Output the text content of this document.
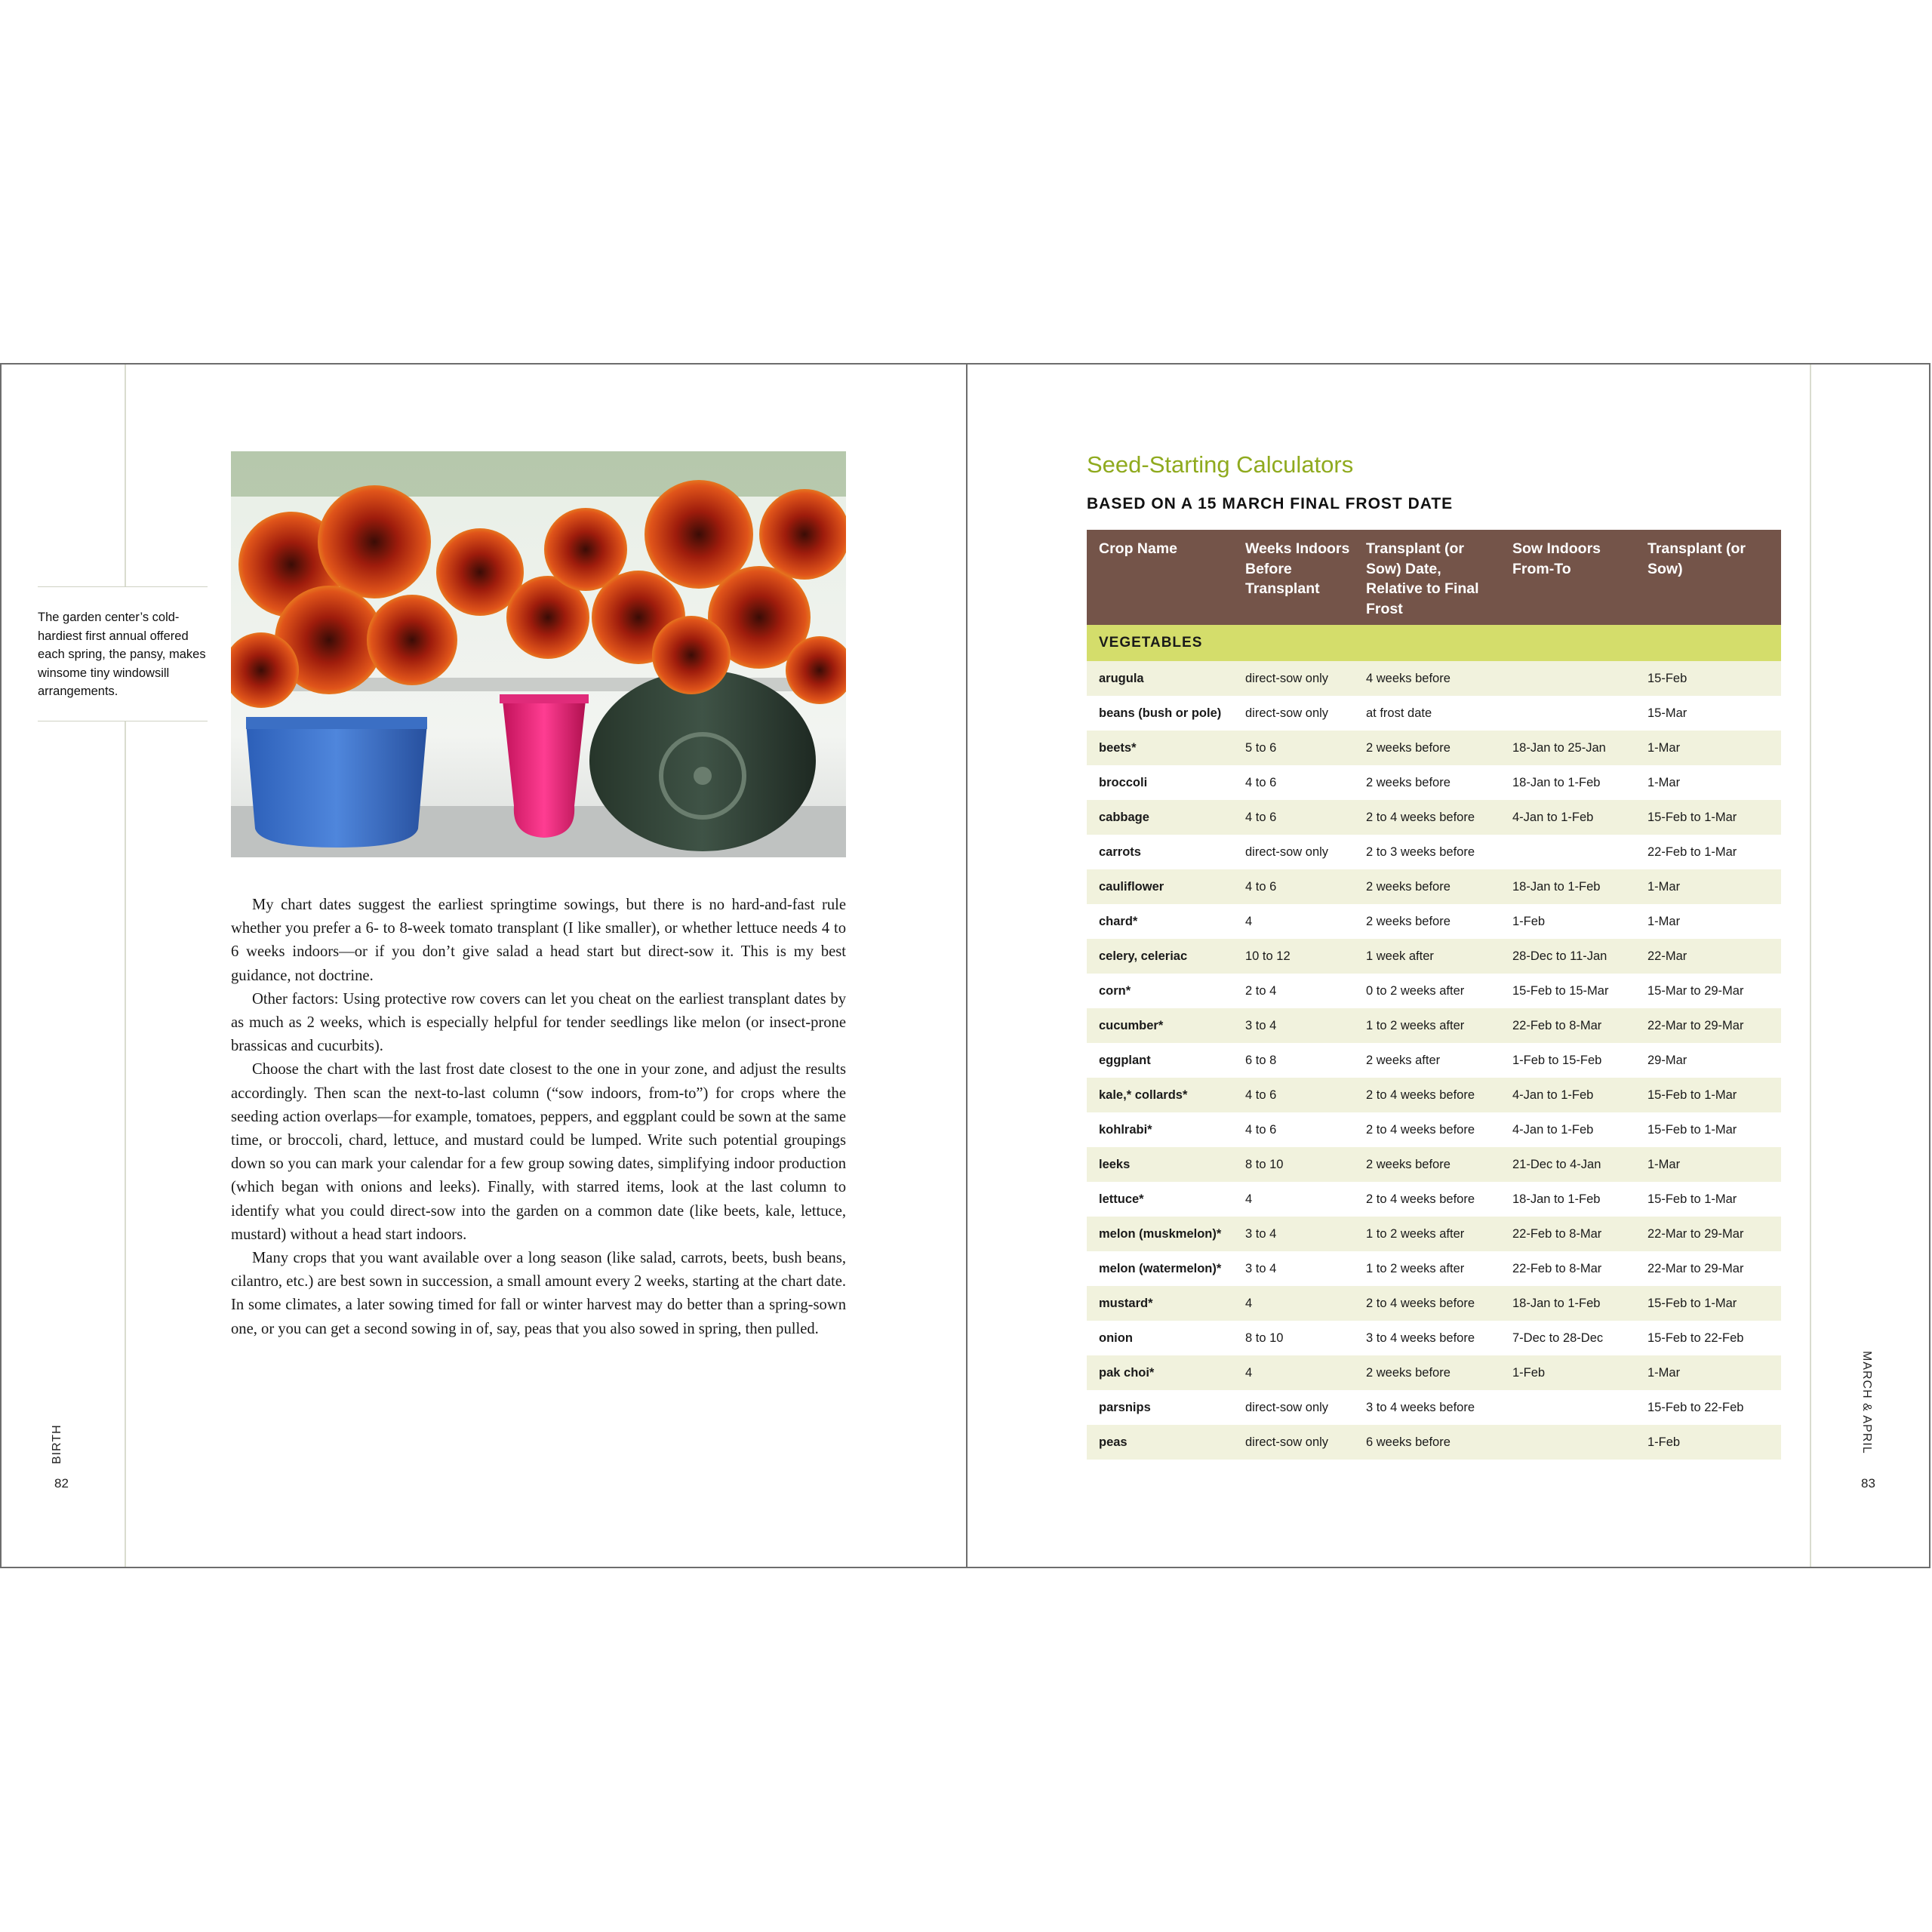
The garden center’s cold-hardiest first annual offered each spring, the pansy, makes winsome tiny windowsill arrangements.

My chart dates suggest the earliest springtime sowings, but there is no hard-and-fast rule whether you prefer a 6- to 8-week tomato transplant (I like smaller), or whether lettuce needs 4 to 6 weeks indoors—or if you don’t give salad a head start but direct-sow it. This is my best guidance, not doctrine.

Other factors: Using protective row covers can let you cheat on the earliest transplant dates by as much as 2 weeks, which is especially helpful for tender seedlings like melon (or insect-prone brassicas and cucurbits).

Choose the chart with the last frost date closest to the one in your zone, and adjust the results accordingly. Then scan the next-to-last column (“sow indoors, from-to”) for crops where the seeding action overlaps—for example, tomatoes, peppers, and eggplant could be sown at the same time, or broccoli, chard, lettuce, and mustard could be lumped. Write such potential groupings down so you can mark your calendar for a few group sowing dates, simplifying indoor production (which began with onions and leeks). Finally, with starred items, look at the last column to identify what you could direct-sow into the garden on a common date (like beets, kale, lettuce, mustard) without a head start indoors.

Many crops that you want available over a long season (like salad, carrots, beets, bush beans, cilantro, etc.) are best sown in succession, a small amount every 2 weeks, starting at the chart date. In some climates, a later sowing timed for fall or winter harvest may do better than a spring-sown one, or you can get a second sowing in of, say, peas that you also sowed in spring, then pulled.

BIRTH
82
Seed-Starting Calculators
BASED ON A 15 MARCH FINAL FROST DATE
Crop Name	Weeks Indoors Before Transplant	Transplant (or Sow) Date, Relative to Final Frost	Sow Indoors From-To	Transplant (or Sow)
VEGETABLES				
arugula	direct-sow only	4 weeks before		15-Feb
beans (bush or pole)	direct-sow only	at frost date		15-Mar
beets*	5 to 6	2 weeks before	18-Jan to 25-Jan	1-Mar
broccoli	4 to 6	2 weeks before	18-Jan to 1-Feb	1-Mar
cabbage	4 to 6	2 to 4 weeks before	4-Jan to 1-Feb	15-Feb to 1-Mar
carrots	direct-sow only	2 to 3 weeks before		22-Feb to 1-Mar
cauliflower	4 to 6	2 weeks before	18-Jan to 1-Feb	1-Mar
chard*	4	2 weeks before	1-Feb	1-Mar
celery, celeriac	10 to 12	1 week after	28-Dec to 11-Jan	22-Mar
corn*	2 to 4	0 to 2 weeks after	15-Feb to 15-Mar	15-Mar to 29-Mar
cucumber*	3 to 4	1 to 2 weeks after	22-Feb to 8-Mar	22-Mar to 29-Mar
eggplant	6 to 8	2 weeks after	1-Feb to 15-Feb	29-Mar
kale,* collards*	4 to 6	2 to 4 weeks before	4-Jan to 1-Feb	15-Feb to 1-Mar
kohlrabi*	4 to 6	2 to 4 weeks before	4-Jan to 1-Feb	15-Feb to 1-Mar
leeks	8 to 10	2 weeks before	21-Dec to 4-Jan	1-Mar
lettuce*	4	2 to 4 weeks before	18-Jan to 1-Feb	15-Feb to 1-Mar
melon (muskmelon)*	3 to 4	1 to 2 weeks after	22-Feb to 8-Mar	22-Mar to 29-Mar
melon (watermelon)*	3 to 4	1 to 2 weeks after	22-Feb to 8-Mar	22-Mar to 29-Mar
mustard*	4	2 to 4 weeks before	18-Jan to 1-Feb	15-Feb to 1-Mar
onion	8 to 10	3 to 4 weeks before	7-Dec to 28-Dec	15-Feb to 22-Feb
pak choi*	4	2 weeks before	1-Feb	1-Mar
parsnips	direct-sow only	3 to 4 weeks before		15-Feb to 22-Feb
peas	direct-sow only	6 weeks before		1-Feb	MARCH & APRIL
83
